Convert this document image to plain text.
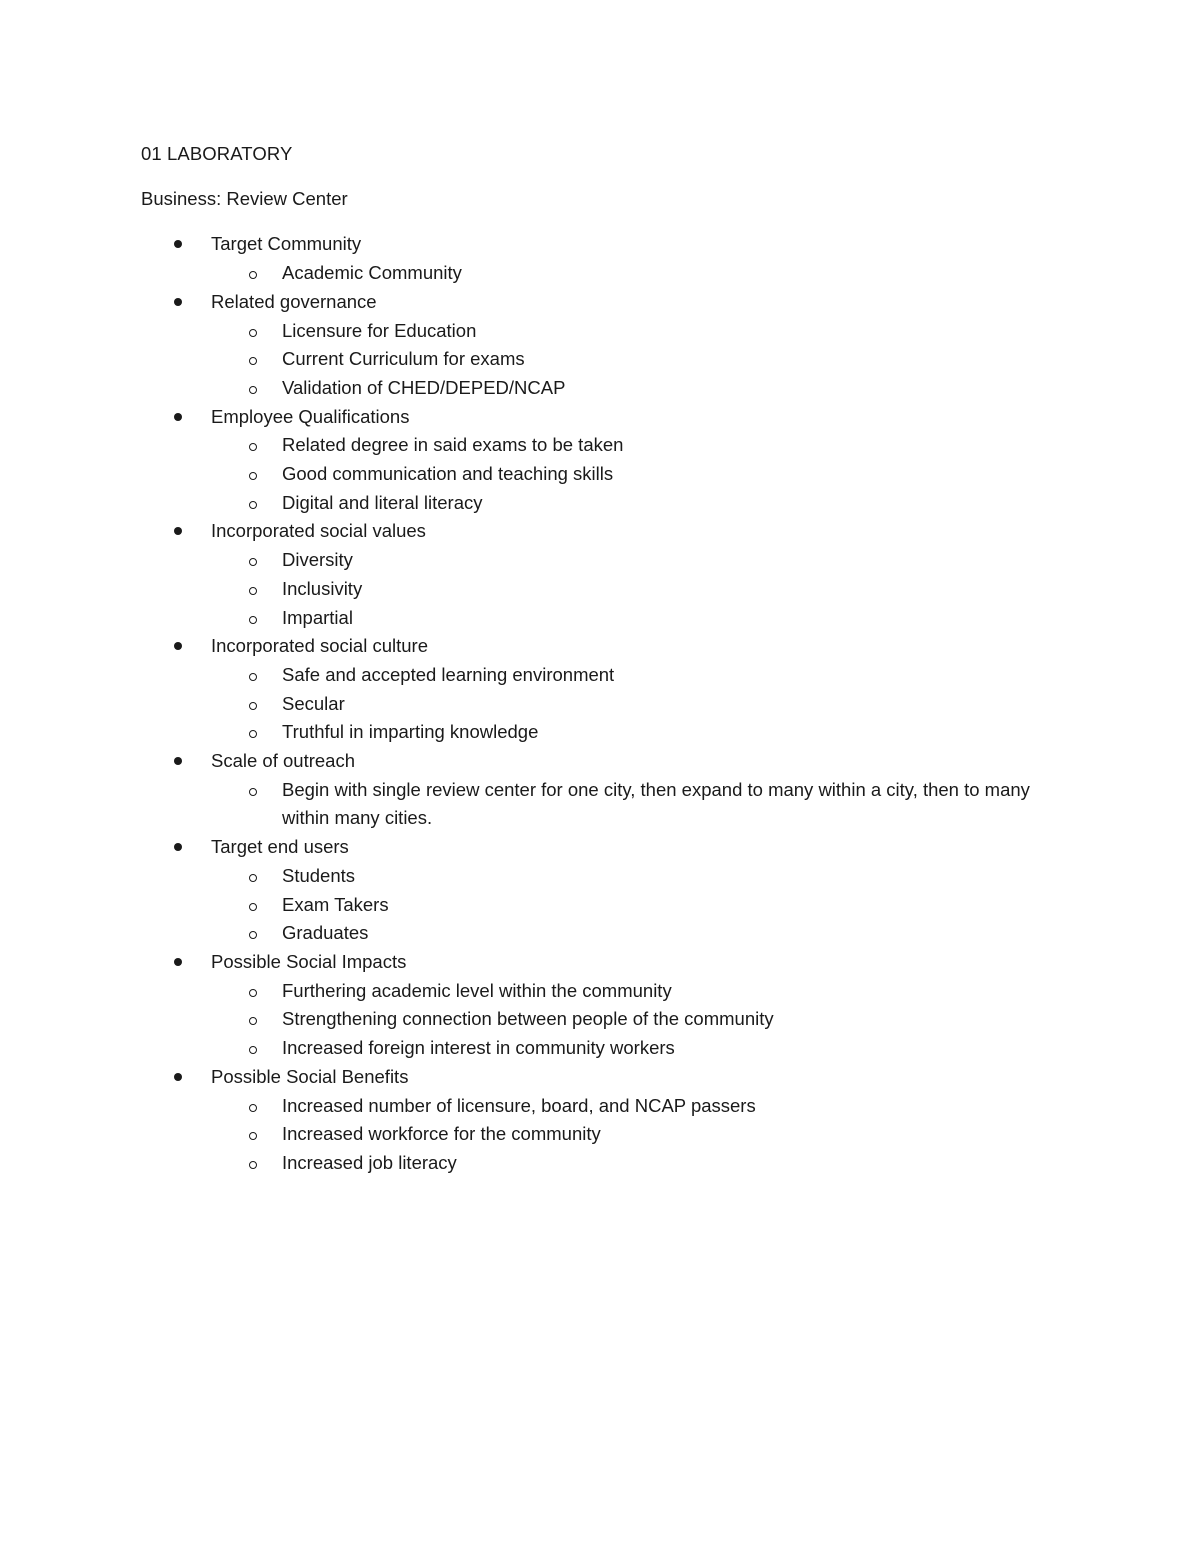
01 LABORATORY

Business: Review Center

Target Community
Academic Community
Related governance
Licensure for Education
Current Curriculum for exams
Validation of CHED/DEPED/NCAP
Employee Qualifications
Related degree in said exams to be taken
Good communication and teaching skills
Digital and literal literacy
Incorporated social values
Diversity
Inclusivity
Impartial
Incorporated social culture
Safe and accepted learning environment
Secular
Truthful in imparting knowledge
Scale of outreach
Begin with single review center for one city, then expand to many within a city, then to many within many cities.
Target end users
Students
Exam Takers
Graduates
Possible Social Impacts
Furthering academic level within the community
Strengthening connection between people of the community
Increased foreign interest in community workers
Possible Social Benefits
Increased number of licensure, board, and NCAP passers
Increased workforce for the community
Increased job literacy
